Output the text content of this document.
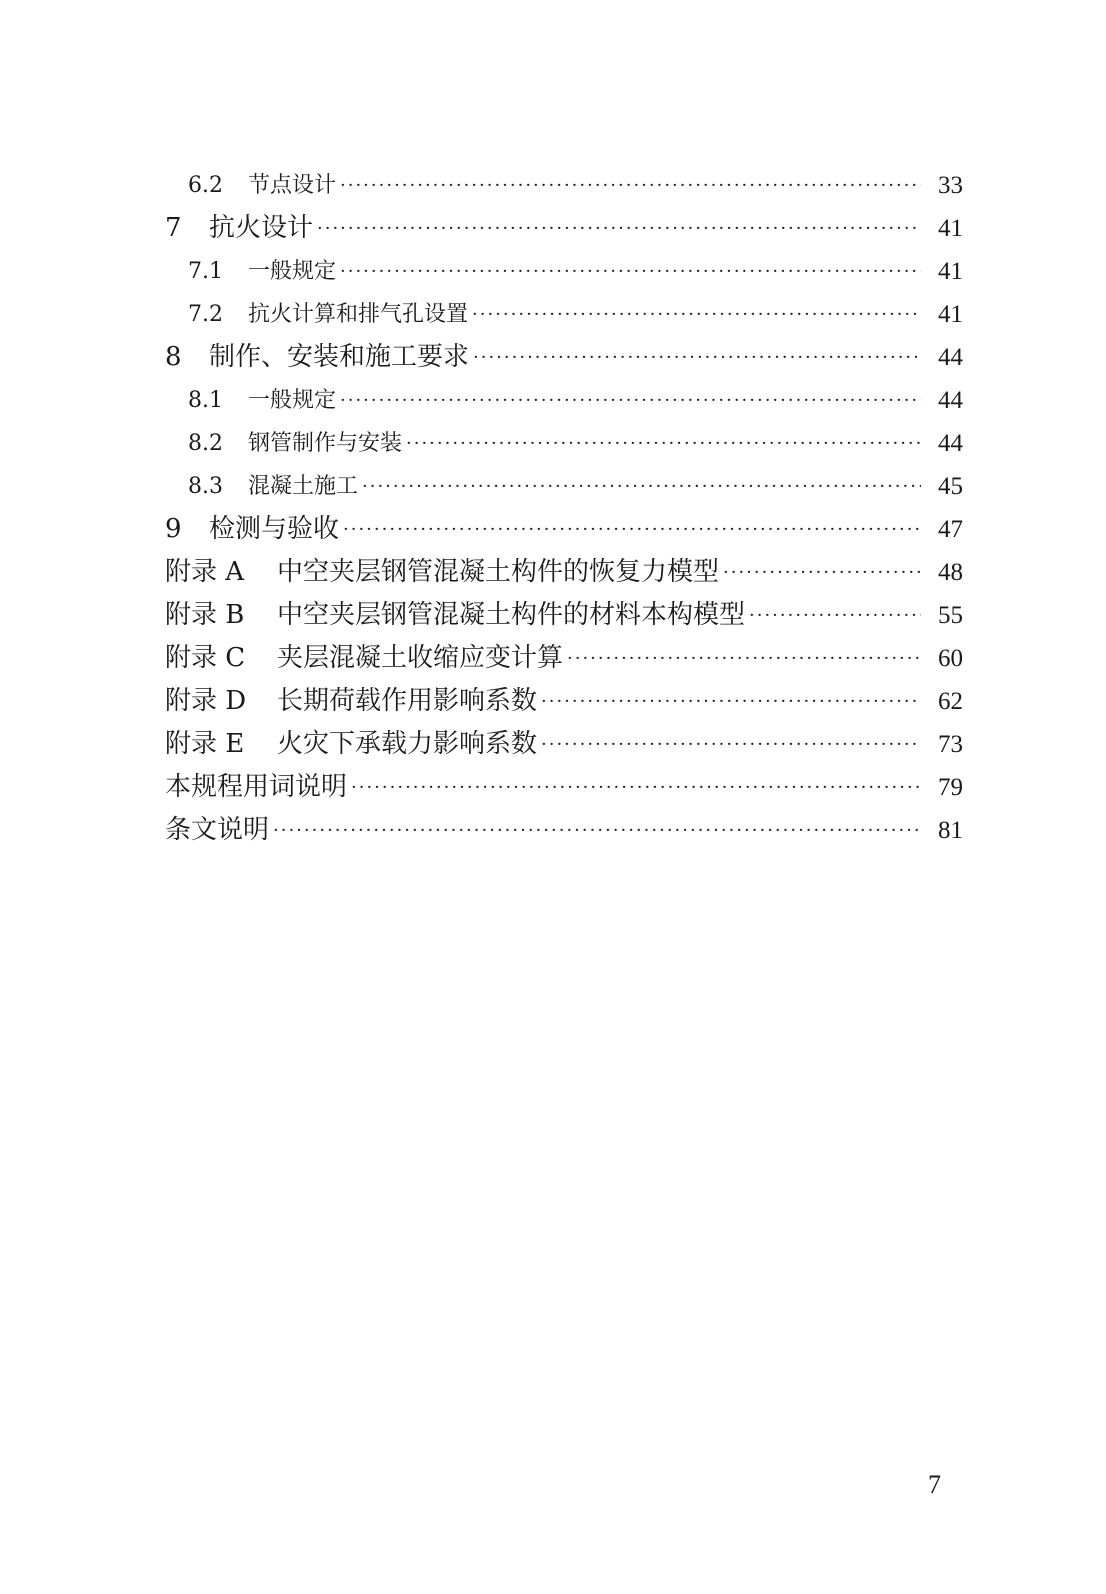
6.2	节点设计 ·····	33
7	抗火设计 ·····	41
7.1	一般规定 ·····	41
7.2	抗火计算和排气孔设置 ·····	41
8	制作、安装和施工要求 ·····	44
8.1	一般规定 ·····	44
8.2	钢管制作与安装 ·····	44
8.3	混凝土施工 ·····	45
9	检测与验收 ·····	47
附录 A	中空夹层钢管混凝土构件的恢复力模型 ·····	48
附录 B	中空夹层钢管混凝土构件的材料本构模型 ·····	55
附录 C	夹层混凝土收缩应变计算 ·····	60
附录 D	长期荷载作用影响系数 ·····	62
附录 E	火灾下承载力影响系数 ·····	73
本规程用词说明 ·····	79
条文说明 ·····	81
7
